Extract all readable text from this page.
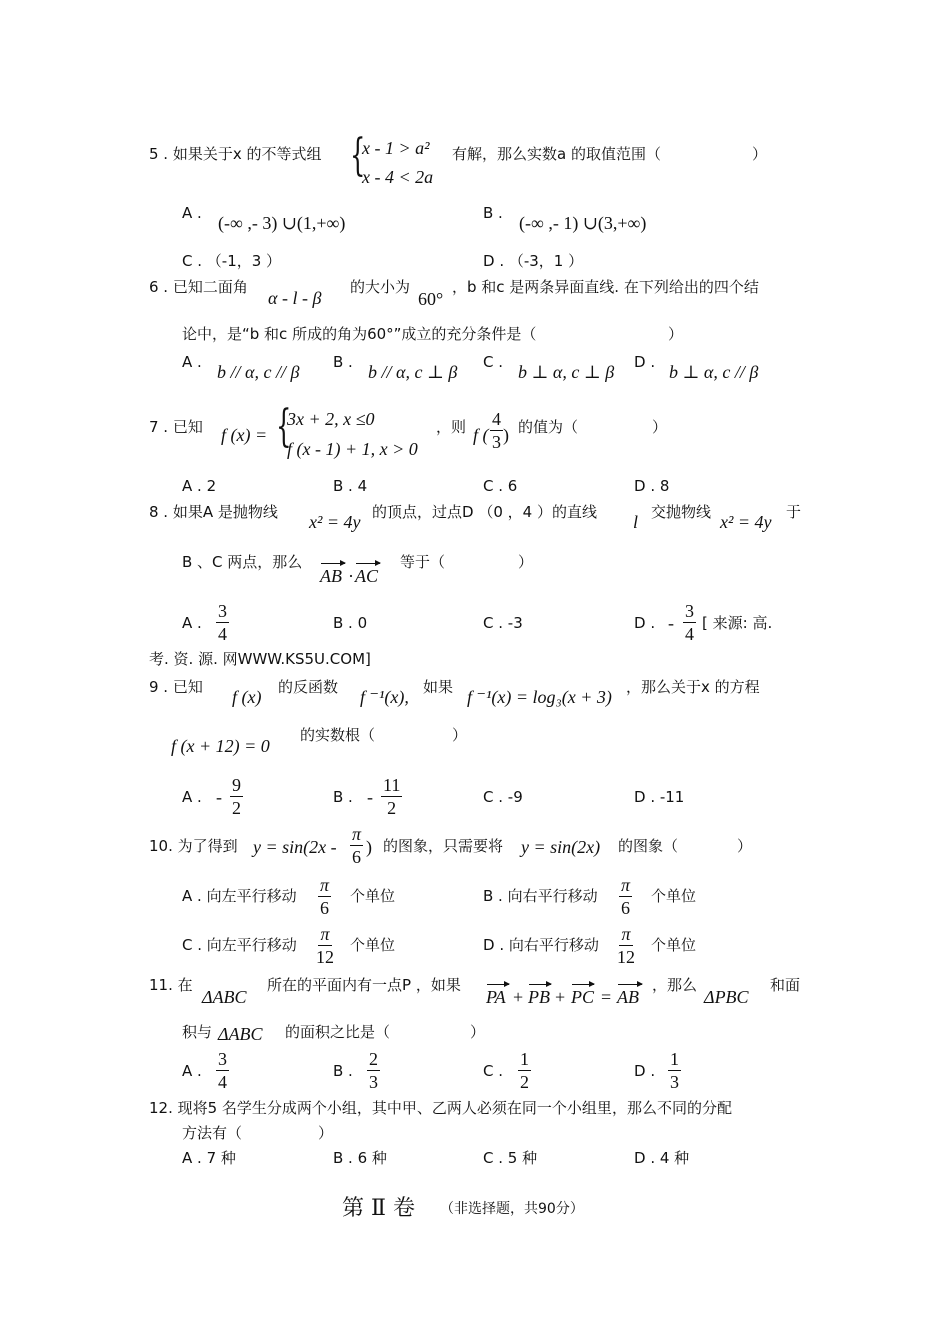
5 . 如果关于x 的不等式组 {
x - 1 > a²
x - 4 < 2a
有解，那么实数a 的取值范围（	）
A . (-∞ ,- 3) ∪(1,+∞)	B . (-∞ ,- 1) ∪(3,+∞)
C . （-1，3 ）	D . （-3，1 ）
6 . 已知二面角
α - l - β
的大小为
60°
，b 和c 是两条异面直线. 在下列给出的四个结
论中，是“b 和c 所成的角为60°”成立的充分条件是（	）
A . b // α, c // β B . b // α, c ⊥ β C . b ⊥ α, c ⊥ β D . b ⊥ α, c // β
7 . 已知 f (x) = {
3x + 2, x ≤0
f (x - 1) + 1, x > 0
，则 f ( $\frac{4}{3}$ ) 的值为（	）
A . 2	B . 4	C . 6	D . 8
8 . 如果A 是抛物线 x² = 4y 的顶点，过点D （0 ，4 ）的直线 l 交抛物线 x² = 4y 于
B 、C 两点，那么
AB · AC
等于（	）
A . $\frac{3}{4}$	B . 0	C . -3	D . - $\frac{3}{4}$ [ 来源: 高.
考. 资. 源. 网WWW.KS5U.COM]
9 . 已知 f (x) 的反函数 f ⁻¹(x), 如果 f ⁻¹(x) = log₃(x + 3) ，那么关于x 的方程
f (x + 12) = 0
的实数根（	）
A . - $\frac{9}{2}$	B . - $\frac{11}{2}$	C . -9	D . -11
10. 为了得到 $y = \sin(2x - \frac{\pi}{6}$ ) 的图象，只需要将 y = sin(2x) 的图象（	）
A . 向左平行移动 $\frac{\pi}{6}$ 个单位	B . 向右平行移动 $\frac{\pi}{6}$ 个单位
C . 向左平行移动 $\frac{\pi}{12}$ 个单位	D . 向右平行移动 $\frac{\pi}{12}$ 个单位
11. 在
ΔABC
所在的平面内有一点P ，如果
PA + PB + PC = AB
，那么
ΔPBC
和面
积与 ΔABC 的面积之比是（	）
A . $\frac{3}{4}$	B . $\frac{2}{3}$	C . $\frac{1}{2}$	D . $\frac{1}{3}$
12. 现将5 名学生分成两个小组，其中甲、乙两人必须在同一个小组里，那么不同的分配
方法有（	）
A . 7 种	B . 6 种	C . 5 种	D . 4 种
第 Ⅱ 卷 （非选择题，共90分）
